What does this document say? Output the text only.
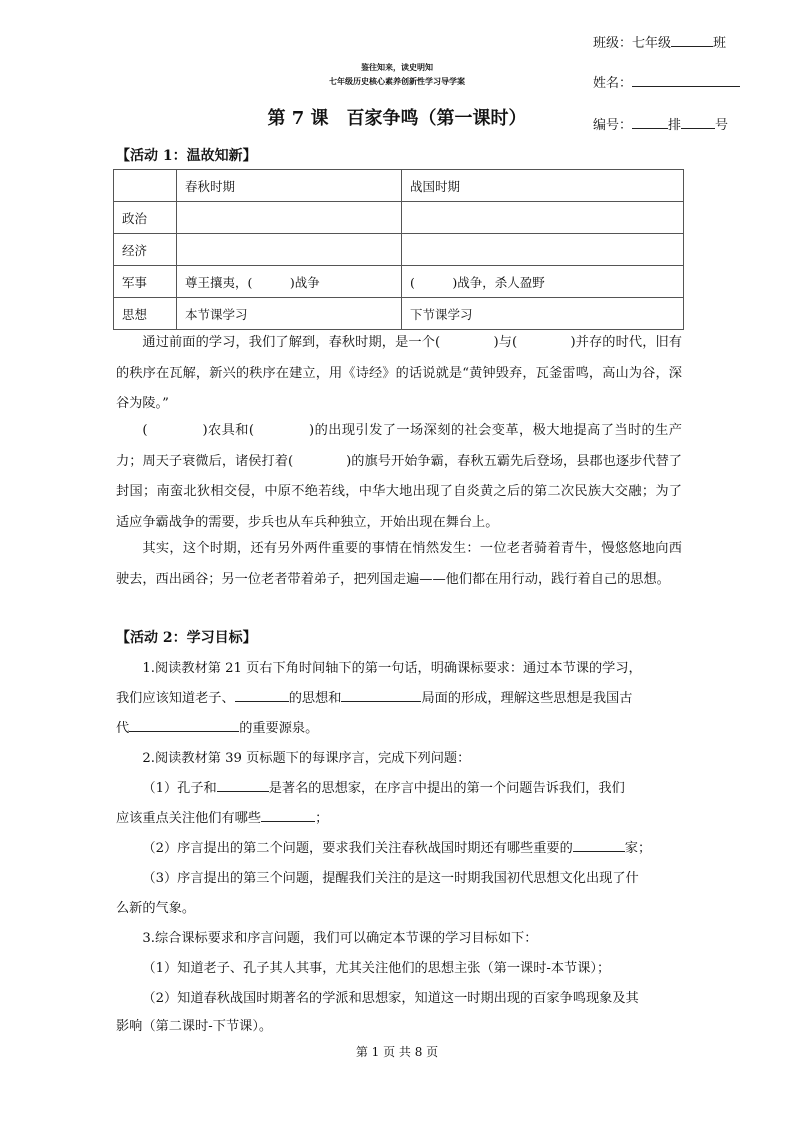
鉴往知来，读史明知
七年级历史核心素养创新性学习导学案
班级：七年级	班
姓名：
编号：	排	号
第 7 课　百家争鸣（第一课时）
【活动 1：温故知新】
	春秋时期	战国时期
政治		
经济		
军事	尊王攘夷，(　　　)战争	(　　　)战争，杀人盈野
思想	本节课学习	下节课学习
通过前面的学习，我们了解到，春秋时期，是一个(　　　　)与(　　　　)并存的时代，旧有的秩序在瓦解，新兴的秩序在建立，用《诗经》的话说就是“黄钟毁弃，瓦釜雷鸣，高山为谷，深谷为陵。”
(　　　　)农具和(　　　　)的出现引发了一场深刻的社会变革，极大地提高了当时的生产力；周天子衰微后，诸侯打着(　　　　)的旗号开始争霸，春秋五霸先后登场，县郡也逐步代替了封国；南蛮北狄相交侵，中原不绝若线，中华大地出现了自炎黄之后的第二次民族大交融；为了适应争霸战争的需要，步兵也从车兵种独立，开始出现在舞台上。
其实，这个时期，还有另外两件重要的事情在悄然发生：一位老者骑着青牛，慢悠悠地向西驶去，西出函谷；另一位老者带着弟子，把列国走遍——他们都在用行动，践行着自己的思想。
【活动 2：学习目标】
1.阅读教材第 21 页右下角时间轴下的第一句话，明确课标要求：通过本节课的学习，
我们应该知道老子、	的思想和	局面的形成，理解这些思想是我国古
代	的重要源泉。
2.阅读教材第 39 页标题下的每课序言，完成下列问题：
（1）孔子和	是著名的思想家，在序言中提出的第一个问题告诉我们，我们
应该重点关注他们有哪些	；
（2）序言提出的第二个问题，要求我们关注春秋战国时期还有哪些重要的	家；
（3）序言提出的第三个问题，提醒我们关注的是这一时期我国初代思想文化出现了什
么新的气象。
3.综合课标要求和序言问题，我们可以确定本节课的学习目标如下：
（1）知道老子、孔子其人其事，尤其关注他们的思想主张（第一课时-本节课）；
（2）知道春秋战国时期著名的学派和思想家，知道这一时期出现的百家争鸣现象及其
影响（第二课时-下节课）。
第 1 页 共 8 页
